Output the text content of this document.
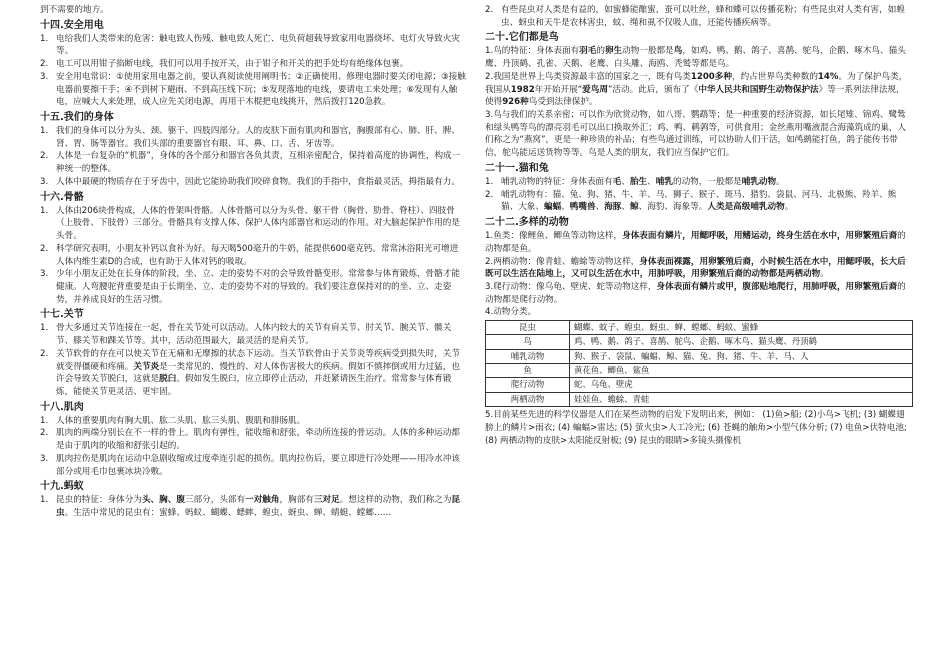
到不需要的地方。
十四.安全用电
1. 电给我们人类带来的危害：触电致人伤残、触电致人死亡、电负荷超载导致家用电器烧坏、电灯火导致火灾等。
2. 电工可以用钳子掐断电线，我们可以用手按开关，由于钳子和开关的把手处均有绝缘体包裹。
3. 安全用电常识：①使用家用电器之前，要认真阅读使用阐明书；②正确使用、修理电器时要关闭电源；③接触电器前要擦干手；④不到树下避雨、不到高压线下玩；⑤发现落地的电线，要请电工来处理；⑥发现有人触电，应喊大人来处理，成人应先关闭电源，再用干木棍把电线挑开，然后拨打120急救。
十五.我们的身体
1. 我们的身体可以分为头、颈、躯干、四肢四部分。人的皮肤下面有肌肉和器官，胸腹部有心、肺、肝、脾、肾、胃、肠等器官。我们头部的重要器官有眼、耳、鼻、口、舌、牙齿等。
2. 人体是一台复杂的“机器”，身体的各个部分和器官各负其责，互相亲密配合，保持着高度的协调性，构成一种统一的整体。
3. 人体中最硬的物质存在于牙齿中，因此它能协助我们咬碎食物。我们的手指中，食指最灵活，拇指最有力。
十六.骨骼
1. 人体由206块骨构成，人体的骨架叫骨骼。人体骨骼可以分为头骨、躯干骨（胸骨、肋骨、脊柱）、四肢骨（上肢骨、下肢骨）三部分。骨骼具有支撑人体、保护人体内部器官和运动的作用。对大脑起保护作用的是头骨。
2. 科学研究表明，小朋友补钙以食补为好。每天喝500毫升的牛奶，能提供600毫克钙。常常沐浴阳光可增进人体内维生素D的合成，也有助于人体对钙的吸取。
3. 少年小朋友正处在长身体的阶段，坐、立、走的姿势不对的会导致骨骼变形。常常参与体育锻炼，骨骼才能健康。人弯腰驼背重要是由于长期坐、立、走的姿势不对的导致的。我们要注意保持对的的坐、立、走姿势，并养成良好的生活习惯。
十七.关节
1. 骨大多通过关节连接在一起，骨在关节处可以活动。人体内较大的关节有肩关节、肘关节、腕关节、髋关节、膝关节和踝关节等。其中，活动范围最大，最灵活的是肩关节。
2. 关节软骨的存在可以使关节在无痛和无摩擦的状态下运动。当关节软骨由于关节炎等疾病受到损失时，关节就变得僵硬和疼痛。关节炎是一类常见的、慢性的、对人体伤害极大的疾病。假如不慎摔倒或用力过猛，也许会导致关节脱臼，这就是脱臼。假如发生脱臼，应立即停止活动，并赶紧请医生治疗。常常参与体育锻炼，能使关节更灵活、更牢固。
十八.肌肉
1. 人体的重要肌肉有胸大肌、肱二头肌、肱三头肌、腹肌和腓肠肌。
2. 肌肉的两端分别长在不一样的骨上。肌肉有弹性，能收缩和舒张，牵动所连接的骨运动。人体的多种运动都是由于肌肉的收缩和舒张引起的。
3. 肌肉拉伤是肌肉在运动中急剧收缩或过度牵连引起的损伤。肌肉拉伤后，要立即进行冷处理——用冷水冲该部分或用毛巾包裹冰块冷敷。
十九.蚂蚁
1. 昆虫的特征：身体分为头、胸、腹三部分，头部有一对触角，胸部有三对足。想这样的动物，我们称之为昆虫。生活中常见的昆虫有：蜜蜂、蚂蚁、蝴蝶、蟋蟀、蝗虫、蚜虫、蝉、蜻蜓、螳螂……
2. 有些昆虫对人类是有益的，如蜜蜂能酿蜜，蚕可以吐丝，蜂和蝶可以传播花粉；有些昆虫对人类有害，如蝗虫、蚜虫和天牛是农林害虫，蚊、绳和虱不仅吸人血，还能传播疾病等。
二十.它们都是鸟
1.鸟的特征：身体表面有羽毛的卵生动物一般都是鸟，如鸡、鸭、鹅、鸽子、喜鹊、鸵鸟、企鹅、啄木鸟、猫头鹰、丹顶鹤、孔雀、天鹅、老鹰、白头雕、海鸥、秃鹫等都是鸟。
2.我国是世界上鸟类资源最丰富的国家之一，既有鸟类1200多种，约占世界鸟类种数的14%。为了保护鸟类，我国从1982年开始开展“爱鸟周”活动。此后，颁布了《中华人民共和国野生动物保护法》等一系列法律法规，使得926种鸟受到法律保护。
3.鸟与我们的关系亲密；可以作为欣赏动物，如八哥、鹦鹉等；是一种重要的经济资源，如长尾雉、锦鸡、鹭鸶和绿头鸭等鸟的漂亮羽毛可以出口换取外汇；鸡、鸭、鹌鹑等，可供食用；金丝燕用嘴液混合海藻筑成的巢，人们称之为“燕窝”，更是一种珍贵的补品；有些鸟通过训练，可以协助人们干活，如鸬鹚能打鱼，鸽子能传书带信，鸵鸟能运送货物等等。鸟是人类的朋友，我们应当保护它们。
二十一.猫和兔
1. 哺乳动物的特征：身体表面有毛、胎生、哺乳的动物，一般都是哺乳动物。
2. 哺乳动物有：猫、兔、狗、猪、牛、羊、马、狮子、猴子、斑马、猎豹、袋鼠、河马、北极熊、羚羊、熊猫、大象、蝙蝠、鸭嘴兽、海豚、鲸、海豹、海象等。人类是高级哺乳动物。
二十二.多样的动物
1.鱼类：像鲤鱼、鲫鱼等动物这样，身体表面有鳞片，用鳃呼吸，用鳍运动，终身生活在水中，用卵繁殖后裔的动物都是鱼。
2.两栖动物：像青蛙、蟾蜍等动物这样，身体表面裸露，用卵繁殖后裔，小时候生活在水中，用鳃呼吸，长大后既可以生活在陆地上，又可以生活在水中，用肺呼吸，用卵繁殖后裔的动物都是两栖动物。
3.爬行动物：像乌龟、壁虎、蛇等动物这样，身体表面有鳞片或甲，腹部贴地爬行，用肺呼吸，用卵繁殖后裔的动物都是爬行动物。
4.动物分类。
昆虫	蝴蝶、蚊子、蝗虫、蚜虫、蝉、螳螂、蚂蚁、蜜蜂
鸟	鸡、鸭、鹅、鸽子、喜鹊、鸵鸟、企鹅、啄木鸟、猫头鹰、丹顶鹤
哺乳动物	狗、猴子、袋鼠、蝙蝠、鲸、猫、兔、狗、猪、牛、羊、马、人
鱼	黄花鱼、鲫鱼、鲨鱼
爬行动物	蛇、乌龟、壁虎
两栖动物	娃娃鱼、蟾蜍、青蛙
5.目前某些先进的科学仪器是人们在某些动物的启发下发明出来，例如： (1)鱼>船; (2)小鸟>飞机; (3) 蝴蝶翅膀上的鳞片>雨衣; (4) 蝙蝠>雷达; (5) 萤火虫>人工冷光; (6) 苍蝇的触角>小型气体分析; (7) 电鱼>伏特电池; (8) 两栖动物的皮肤>太阳能反射板; (9) 昆虫的眼睛>多镜头摄像机
